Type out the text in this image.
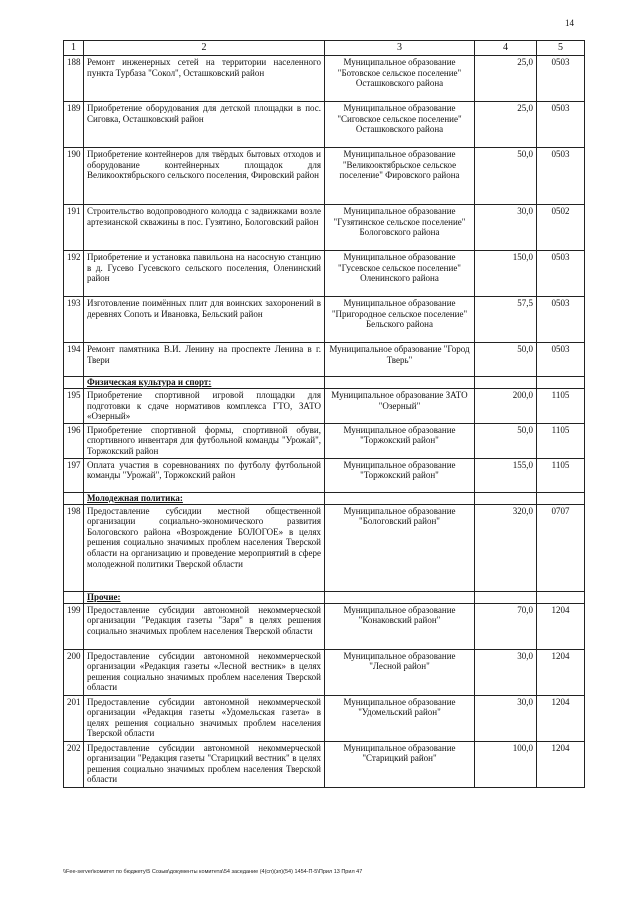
14
1	2	3	4	5
188	Ремонт инженерных сетей на территории населенного пункта Турбаза "Сокол", Осташковский район	Муниципальное образование "Ботовское сельское поселение" Осташковского района	25,0	0503
189	Приобретение оборудования для детской площадки в пос. Сиговка, Осташковский район	Муниципальное образование "Сиговское сельское поселение" Осташковского района	25,0	0503
190	Приобретение контейнеров для твёрдых бытовых отходов и оборудование контейнерных площадок для Великооктябрьского сельского поселения, Фировский район	Муниципальное образование "Великооктябрьское сельское поселение" Фировского района	50,0	0503
191	Строительство водопроводного колодца с задвижками возле артезианской скважины в пос. Гузятино, Бологовский район	Муниципальное образование "Гузятинское сельское поселение" Бологовского района	30,0	0502
192	Приобретение и установка павильона на насосную станцию в д. Гусево Гусевского сельского поселения, Оленинский район	Муниципальное образование "Гусевское сельское поселение" Оленинского района	150,0	0503
193	Изготовление поимённых плит для воинских захоронений в деревнях Сопоть и Ивановка, Бельский район	Муниципальное образование "Пригородное сельское поселение" Бельского района	57,5	0503
194	Ремонт памятника В.И. Ленину на проспекте Ленина в г. Твери	Муниципальное образование "Город Тверь"	50,0	0503
	Физическая культура и спорт:			
195	Приобретение спортивной игровой площадки для подготовки к сдаче нормативов комплекса ГТО, ЗАТО «Озерный»	Муниципальное образование ЗАТО "Озерный"	200,0	1105
196	Приобретение спортивной формы, спортивной обуви, спортивного инвентаря для футбольной команды "Урожай", Торжокский район	Муниципальное образование "Торжокский район"	50,0	1105
197	Оплата участия в соревнованиях по футболу футбольной команды "Урожай", Торжокский район	Муниципальное образование "Торжокский район"	155,0	1105
	Молодежная политика:			
198	Предоставление субсидии местной общественной организации социально-экономического развития Бологовского района «Возрождение БОЛОГОЕ» в целях решения социально значимых проблем населения Тверской области на организацию и проведение мероприятий в сфере молодежной политики Тверской области	Муниципальное образование "Бологовский район"	320,0	0707
	Прочие:			
199	Предоставление субсидии автономной некоммерческой организации "Редакция газеты "Заря" в целях решения социально значимых проблем населения Тверской области	Муниципальное образование "Конаковский район"	70,0	1204
200	Предоставление субсидии автономной некоммерческой организации «Редакция газеты «Лесной вестник» в целях решения социально значимых проблем населения Тверской области	Муниципальное образование "Лесной район"	30,0	1204
201	Предоставление субсидии автономной некоммерческой организации «Редакция газеты «Удомельская газета» в целях решения социально значимых проблем населения Тверской области	Муниципальное образование "Удомельский район"	30,0	1204
202	Предоставление субсидии автономной некоммерческой организации "Редакция газеты "Старицкий вестник" в целях решения социально значимых проблем населения Тверской области	Муниципальное образование "Старицкий район"	100,0	1204
\\Fee-server\комитет по бюджету\5 Созыв\документы комитета\54 заседание (4(сп)(зп)(54) 1454-П-5\Прил 13 Прил 47
